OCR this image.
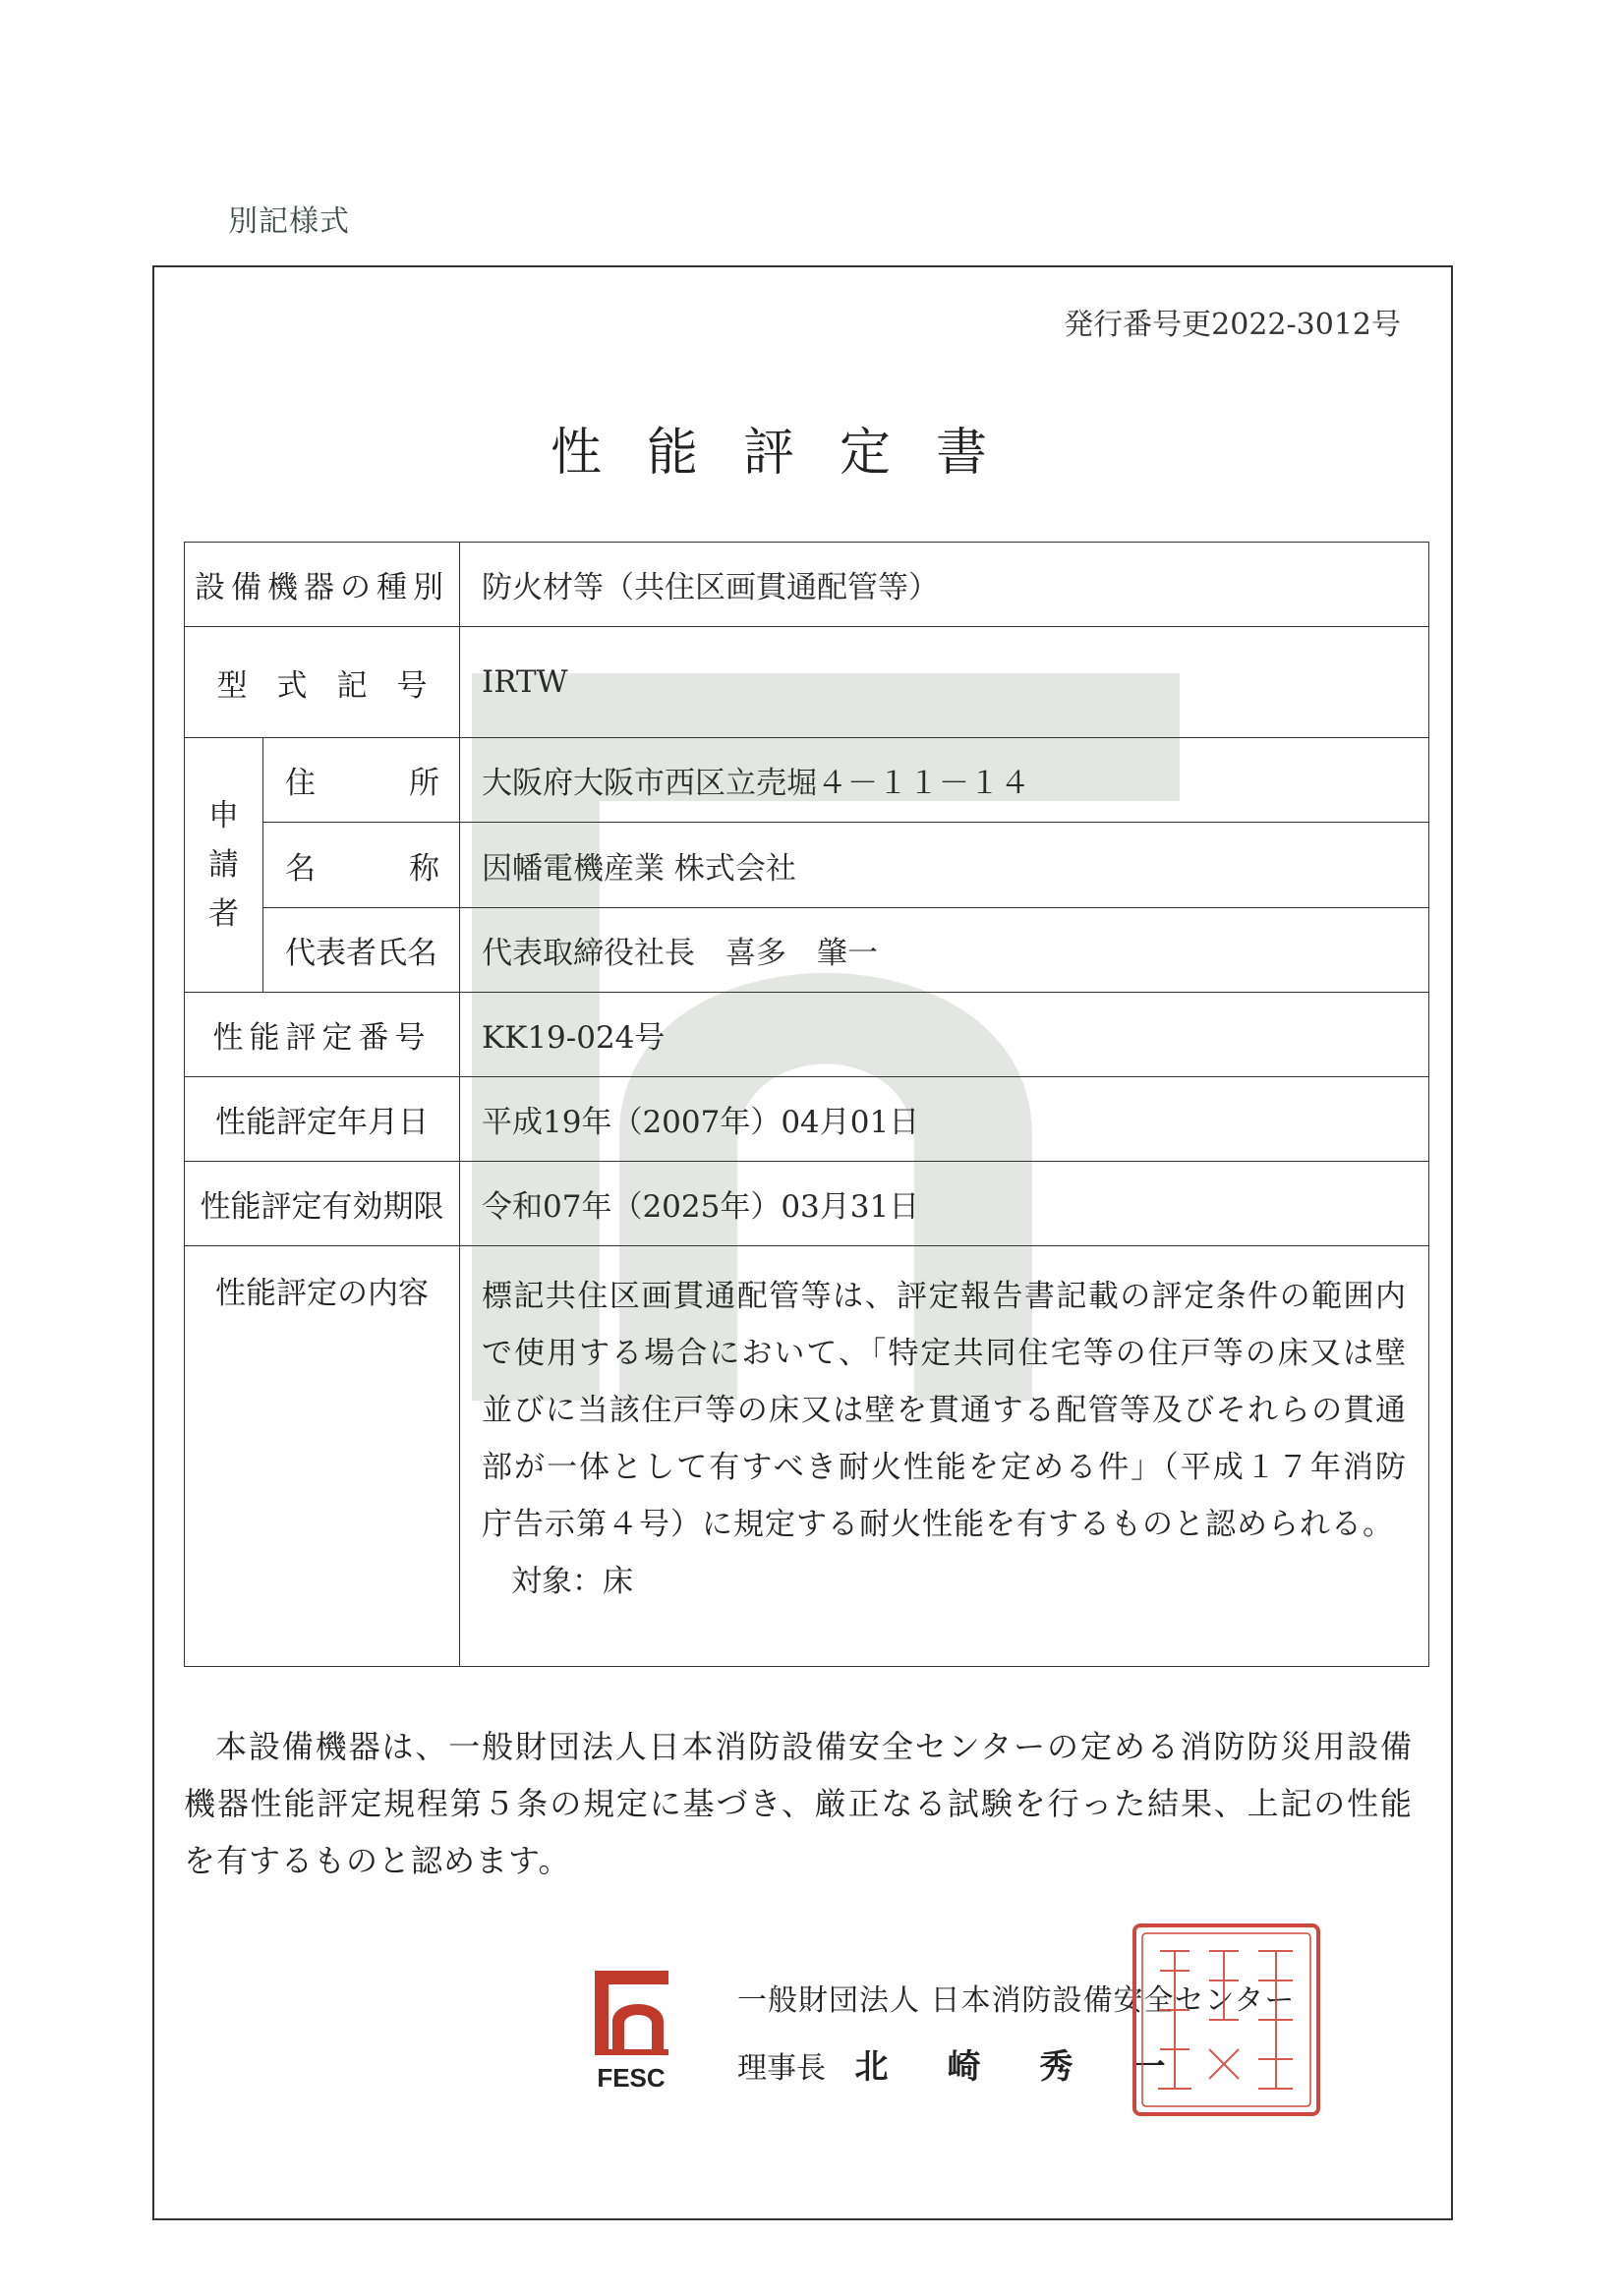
別記様式
発行番号更2022-3012号
性能評定書
設備機器の種別		防火材等（共住区画貫通配管等）
型式記号		IRTW

申請者	住 所	大阪府大阪市西区立売堀４－１１－１４

	名 称	因幡電機産業 株式会社
	代表者氏名	代表取締役社長　喜多　肇一
性能評定番号		KK19-024号
性能評定年月日		平成19年（2007年）04月01日
性能評定有効期限		令和07年（2025年）03月31日
性能評定の内容		標記共住区画貫通配管等は、評定報告書記載の評定条件の範囲内で使用する場合において、「特定共同住宅等の住戸等の床又は壁並びに当該住戸等の床又は壁を貫通する配管等及びそれらの貫通部が一体として有すべき耐火性能を定める件」（平成１７年消防庁告示第４号）に規定する耐火性能を有するものと認められる。
対象：床
本設備機器は、一般財団法人日本消防設備安全センターの定める消防防災用設備機器性能評定規程第５条の規定に基づき、厳正なる試験を行った結果、上記の性能を有するものと認めます。
FESC
一般財団法人 日本消防設備安全センター
理事長 北崎秀一
